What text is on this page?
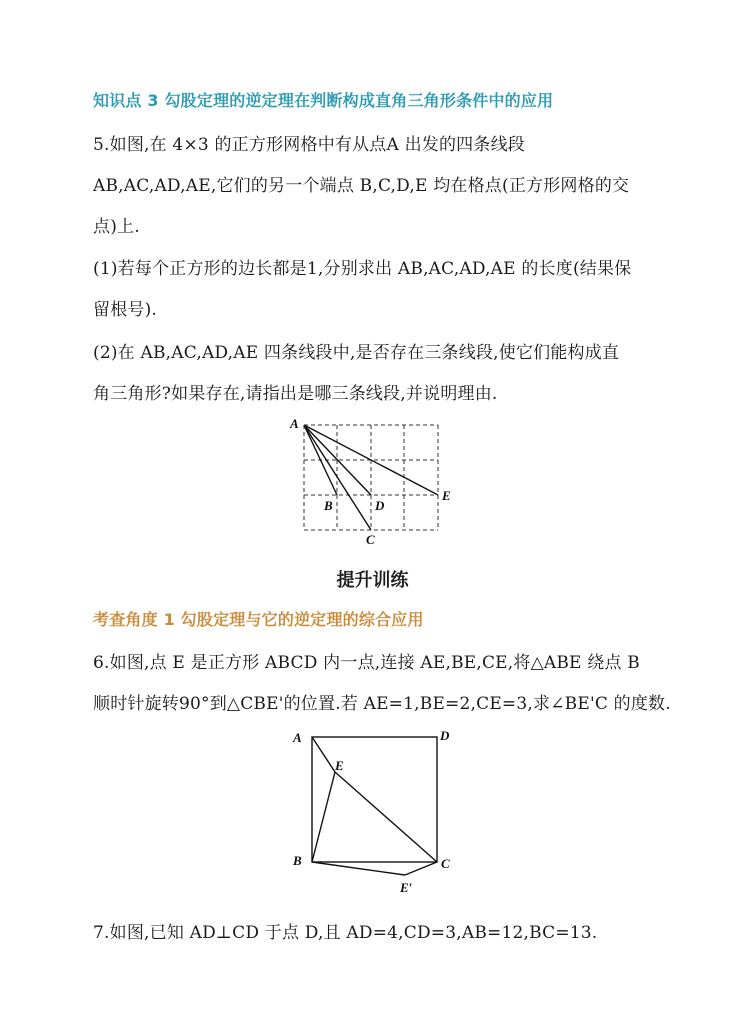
知识点 3 勾股定理的逆定理在判断构成直角三角形条件中的应用
5.如图,在 4×3 的正方形网格中有从点A 出发的四条线段
AB,AC,AD,AE,它们的另一个端点 B,C,D,E 均在格点(正方形网格的交
点)上.
(1)若每个正方形的边长都是1,分别求出 AB,AC,AD,AE 的长度(结果保
留根号).
(2)在 AB,AC,AD,AE 四条线段中,是否存在三条线段,使它们能构成直
角三角形?如果存在,请指出是哪三条线段,并说明理由.
A
B
C
D
E
提升训练
考查角度 1 勾股定理与它的逆定理的综合应用
6.如图,点 E 是正方形 ABCD 内一点,连接 AE,BE,CE,将△ABE 绕点 B
顺时针旋转90°到△CBE'的位置.若 AE=1,BE=2,CE=3,求∠BE'C 的度数.
A	D
E
B	C
E′
7.如图,已知 AD⊥CD 于点 D,且 AD=4,CD=3,AB=12,BC=13.
